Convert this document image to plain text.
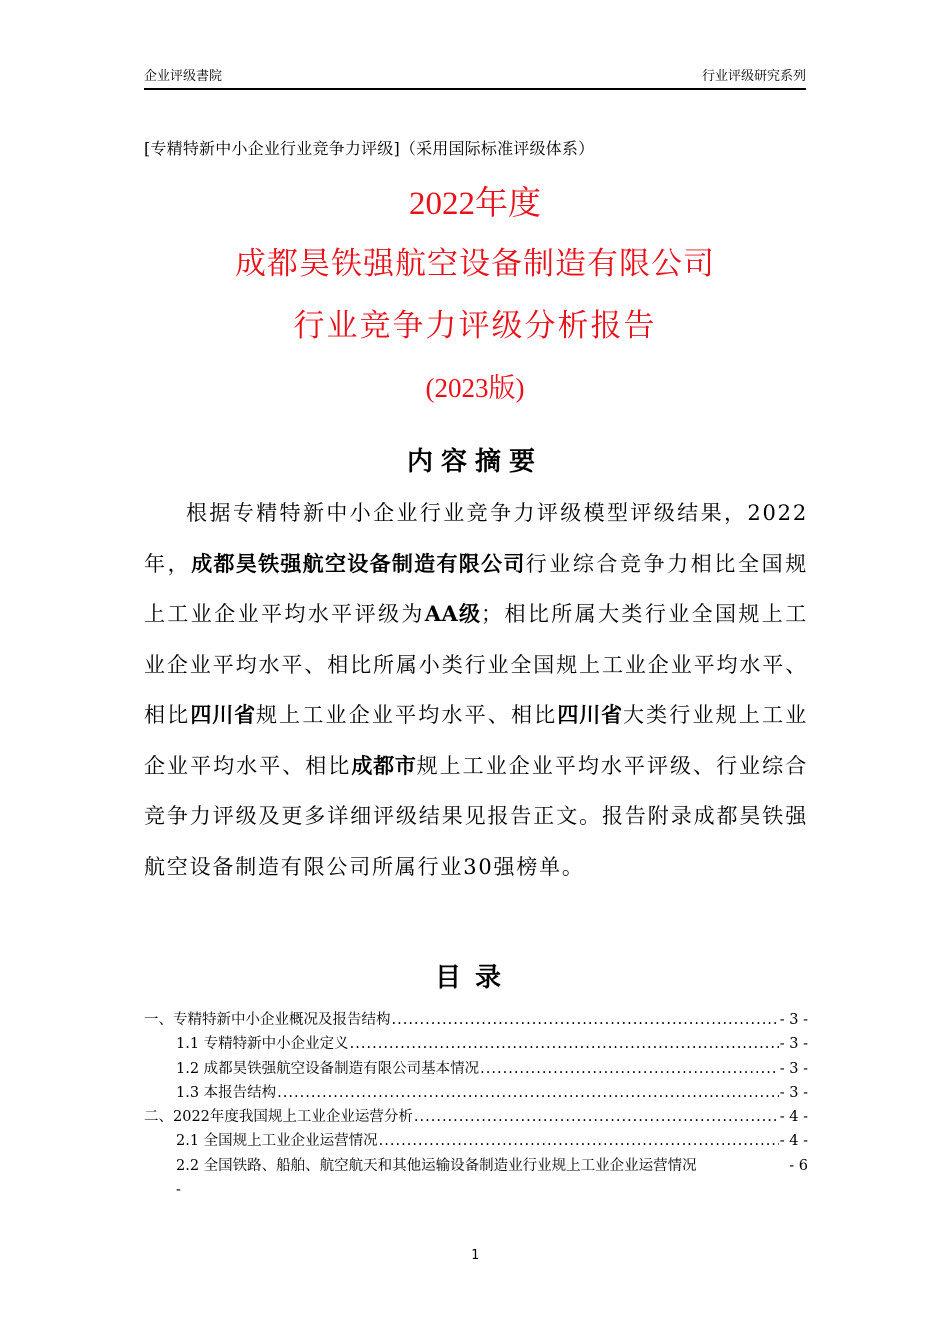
企业评级書院	行业评级研究系列
[专精特新中小企业行业竞争力评级]（采用国际标准评级体系）
2022年度
成都昊铁强航空设备制造有限公司
行业竞争力评级分析报告
(2023版)
内容摘要
根据专精特新中小企业行业竞争力评级模型评级结果，2022年，成都昊铁强航空设备制造有限公司行业综合竞争力相比全国规上工业企业平均水平评级为AA级；相比所属大类行业全国规上工业企业平均水平、相比所属小类行业全国规上工业企业平均水平、相比四川省规上工业企业平均水平、相比四川省大类行业规上工业企业平均水平、相比成都市规上工业企业平均水平评级、行业综合竞争力评级及更多详细评级结果见报告正文。报告附录成都昊铁强航空设备制造有限公司所属行业30强榜单。
目录
一、专精特新中小企业概况及报告结构 .....	- 3 -
1.1 专精特新中小企业定义 .....	- 3 -
1.2 成都昊铁强航空设备制造有限公司基本情况 .....	- 3 -
1.3 本报告结构 .....	- 3 -
二、2022年度我国规上工业企业运营分析 .....	- 4 -
2.1 全国规上工业企业运营情况 .....	- 4 -
2.2 全国铁路、船舶、航空航天和其他运输设备制造业行业规上工业企业运营情况	- 6
-
1
